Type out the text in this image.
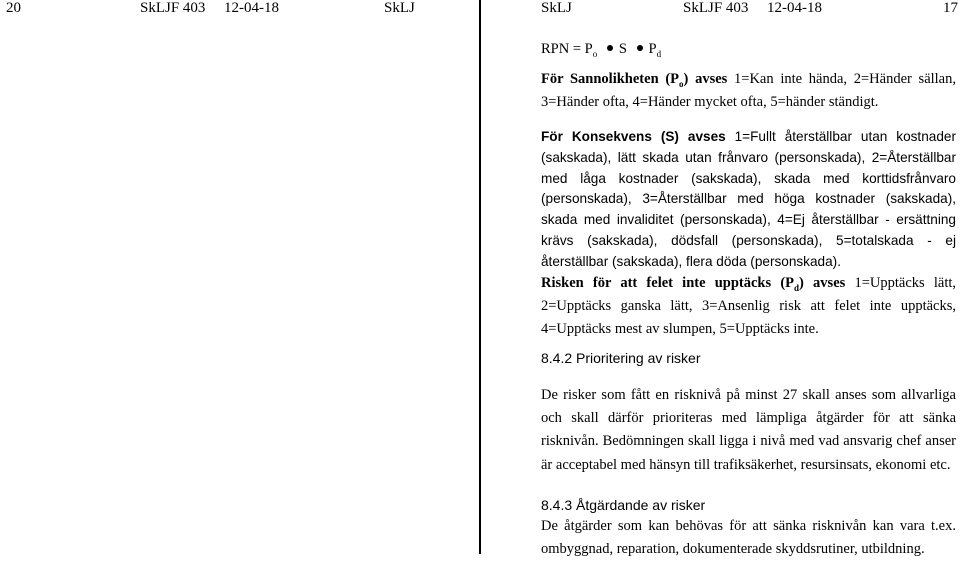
20	SkLJF 403 12-04-18	SkLJ	SkLJ	SkLJF 403 12-04-18	17
RPN = $P_o$ S $P_d$
För Sannolikheten $(P_o)$ avses 1=Kan inte hända, 2=Händer sällan, 3=Händer ofta, 4=Händer mycket ofta, 5=händer ständigt.
För Konsekvens (S) avses 1=Fullt återställbar utan kostnader (sakskada), lätt skada utan frånvaro (personskada), 2=Återställbar med låga kostnader (sakskada), skada med korttidsfrånvaro (personskada), 3=Återställbar med höga kostnader (sakskada), skada med invaliditet (personskada), 4=Ej återställbar - ersättning krävs (sakskada), dödsfall (personskada), 5=totalskada - ej återställbar (sakskada), flera döda (personskada).
Risken för att felet inte upptäcks $(P_d)$ avses 1=Upptäcks lätt, 2=Upptäcks ganska lätt, 3=Ansenlig risk att felet inte upptäcks, 4=Upptäcks mest av slumpen, 5=Upptäcks inte.
8.4.2 Prioritering av risker
De risker som fått en risknivå på minst 27 skall anses som allvarliga och skall därför prioriteras med lämpliga åtgärder för att sänka risknivån. Bedömningen skall ligga i nivå med vad ansvarig chef anser är acceptabel med hänsyn till trafiksäkerhet, resursinsats, ekonomi etc.
8.4.3 Åtgärdande av risker
De åtgärder som kan behövas för att sänka risknivån kan vara t.ex. ombyggnad, reparation, dokumenterade skyddsrutiner, utbildning.
